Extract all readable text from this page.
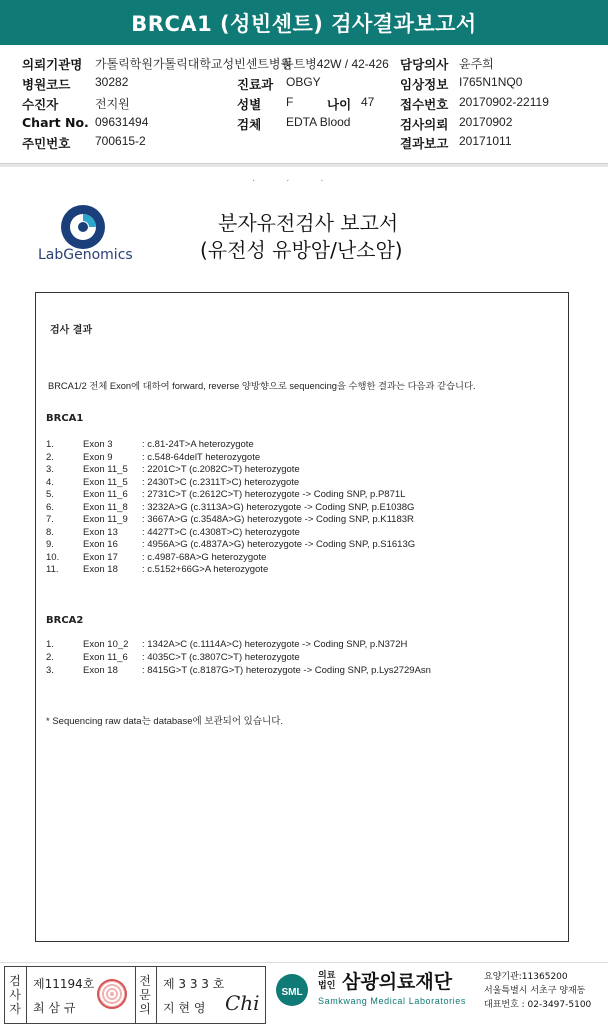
BRCA1 (성빈센트) 검사결과보고서
의뢰기관명 가톨릭학원가톨릭대학교성빈센트병원
동트병42W / 42-426 담당의사 윤주희
병원코드 30282	진료과 OBGY	임상정보 I765N1NQ0
수진자	전지원	성별 F	나이 47 접수번호 20170902-22119
Chart No. 09631494	검체 EDTA Blood	검사의뢰 20170902
주민번호 700615-2	결과보고 20171011
· · ·
LabGenomics
분자유전검사 보고서
(유전성 유방암/난소암)
검사 결과
BRCA1/2 전체 Exon에 대하여 forward, reverse 양방향으로 sequencing을 수행한 결과는 다음과 같습니다.
BRCA1
1.	Exon 3	: c.81-24T>A heterozygote
2.	Exon 9	: c.548-64delT heterozygote
3.	Exon 11_5 : 2201C>T (c.2082C>T) heterozygote
4.	Exon 11_5 : 2430T>C (c.2311T>C) heterozygote
5.	Exon 11_6 : 2731C>T (c.2612C>T) heterozygote -> Coding SNP, p.P871L
6.	Exon 11_8 : 3232A>G (c.3113A>G) heterozygote -> Coding SNP, p.E1038G
7.	Exon 11_9 : 3667A>G (c.3548A>G) heterozygote -> Coding SNP, p.K1183R
8.	Exon 13	: 4427T>C (c.4308T>C) heterozygote
9.	Exon 16	: 4956A>G (c.4837A>G) heterozygote -> Coding SNP, p.S1613G
10.	Exon 17	: c.4987-68A>G heterozygote
11.	Exon 18	: c.5152+66G>A heterozygote
BRCA2
1.	Exon 10_2 : 1342A>C (c.1114A>C) heterozygote -> Coding SNP, p.N372H
2.	Exon 11_6 : 4035C>T (c.3807C>T) heterozygote
3.	Exon 18	: 8415G>T (c.8187G>T) heterozygote -> Coding SNP, p.Lys2729Asn
* Sequencing raw data는 database에 보관되어 있습니다.
검사자
제11194호
최 삼 규
전문의
제 3 3 3 호
지 현 영 Chi SML
의료
법인 삼광의료재단
Samkwang Medical Laboratories
요양기관:11365200
서울특별시 서초구 양재동
대표번호 : 02-3497-5100
